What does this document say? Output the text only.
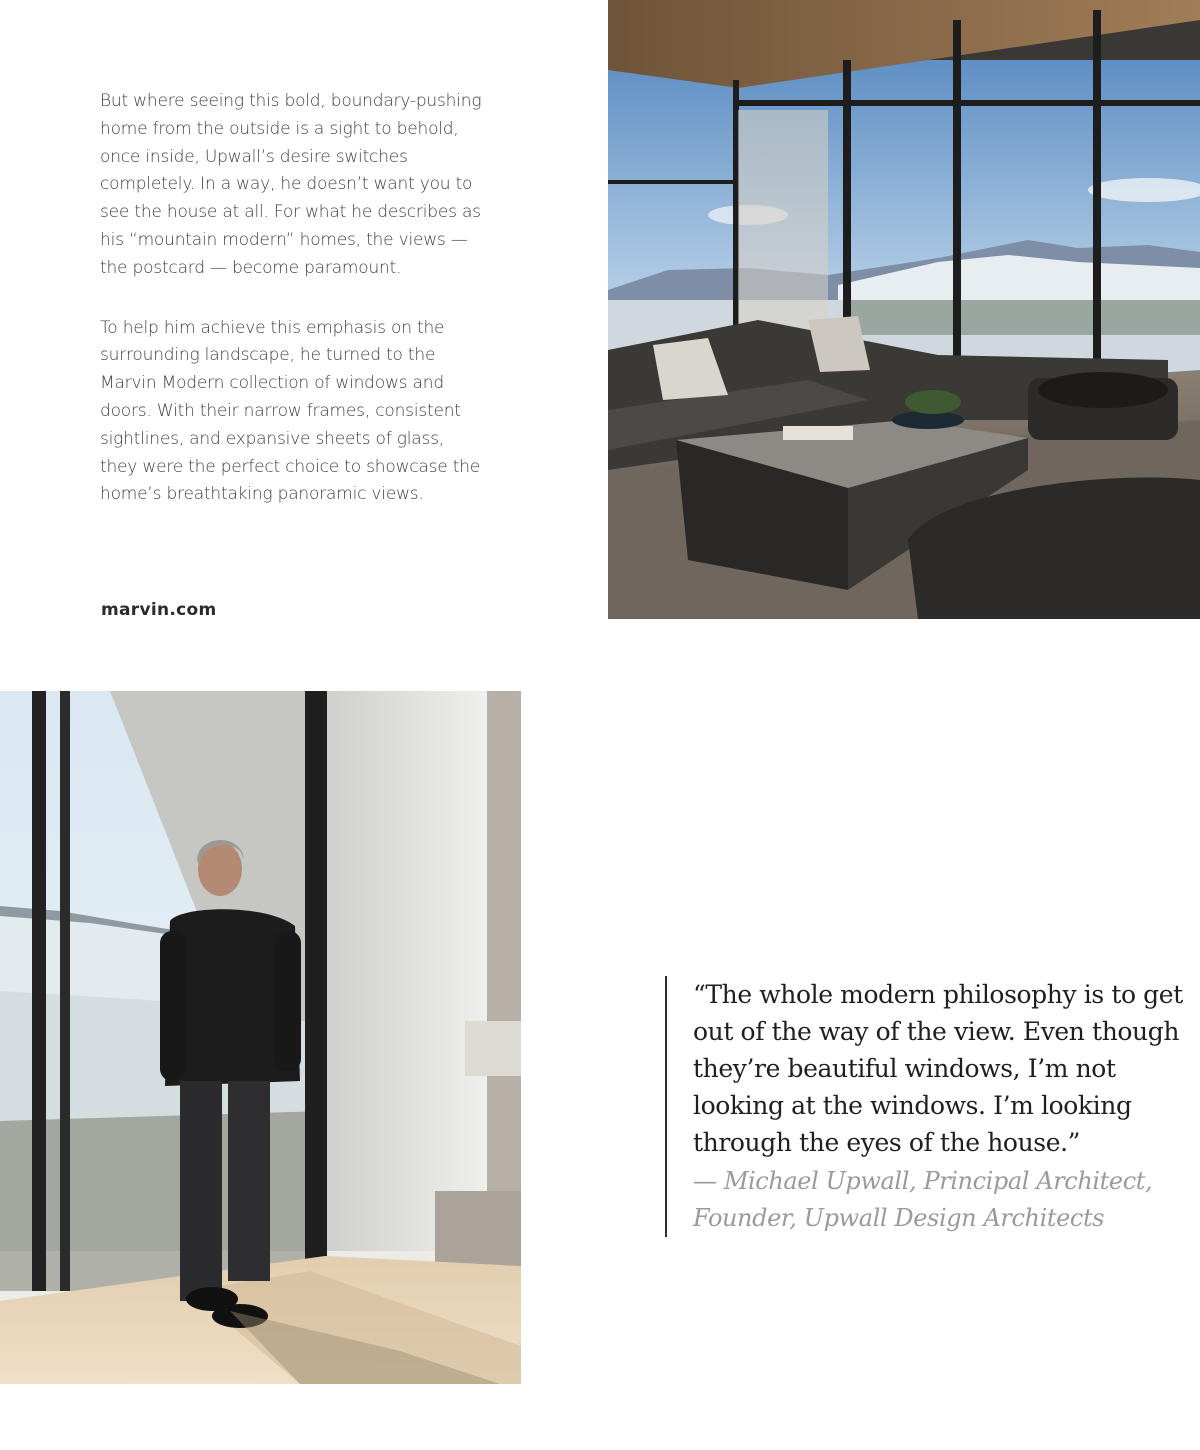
But where seeing this bold, boundary-pushing home from the outside is a sight to behold, once inside, Upwall’s desire switches completely. In a way, he doesn’t want you to see the house at all. For what he describes as his “mountain modern” homes, the views — the postcard — become paramount.

To help him achieve this emphasis on the surrounding landscape, he turned to the Marvin Modern collection of windows and doors. With their narrow frames, consistent sightlines, and expansive sheets of glass, they were the perfect choice to showcase the home’s breathtaking panoramic views.

marvin.com

“The whole modern philosophy is to get out of the way of the view. Even though they’re beautiful windows, I’m not looking at the windows. I’m looking through the eyes of the house.”

— Michael Upwall, Principal Architect, Founder, Upwall Design Architects
